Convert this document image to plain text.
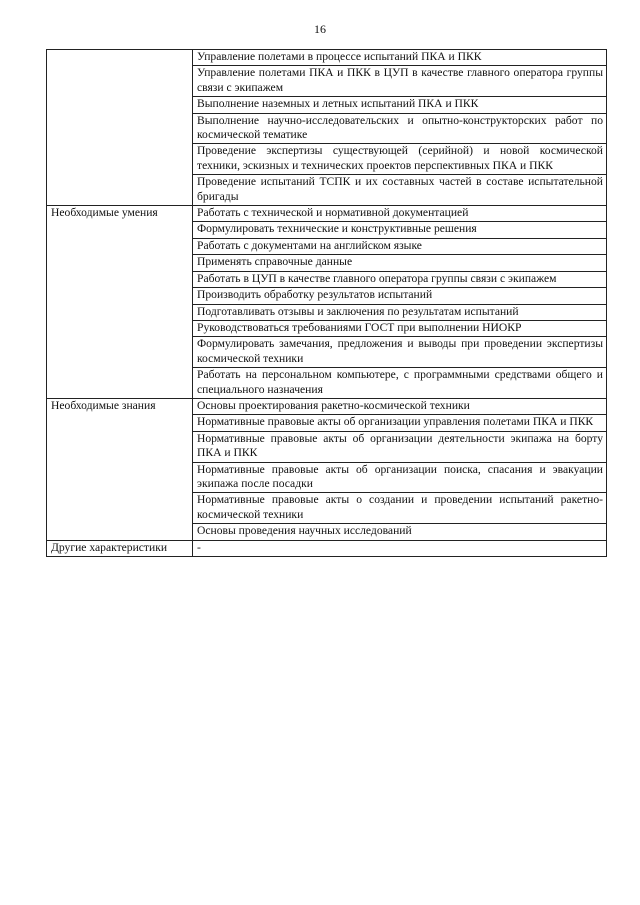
16
	Управление полетами в процессе испытаний ПКА и ПКК
	Управление полетами ПКА и ПКК в ЦУП в качестве главного оператора группы связи с экипажем
	Выполнение наземных и летных испытаний ПКА и ПКК
	Выполнение научно-исследовательских и опытно-конструкторских работ по космической тематике
	Проведение экспертизы существующей (серийной) и новой космической техники, эскизных и технических проектов перспективных ПКА и ПКК
	Проведение испытаний ТСПК и их составных частей в составе испытательной бригады

Необходимые умения	Работать с технической и нормативной документацией
	Формулировать технические и конструктивные решения
	Работать с документами на английском языке
	Применять справочные данные
	Работать в ЦУП в качестве главного оператора группы связи с экипажем
	Производить обработку результатов испытаний
	Подготавливать отзывы и заключения по результатам испытаний
	Руководствоваться требованиями ГОСТ при выполнении НИОКР
	Формулировать замечания, предложения и выводы при проведении экспертизы космической техники
	Работать на персональном компьютере, с программными средствами общего и специального назначения

Необходимые знания	Основы проектирования ракетно-космической техники
	Нормативные правовые акты об организации управления полетами ПКА и ПКК
	Нормативные правовые акты об организации деятельности экипажа на борту ПКА и ПКК
	Нормативные правовые акты об организации поиска, спасания и эвакуации экипажа после посадки
	Нормативные правовые акты о создании и проведении испытаний ракетно-космической техники
	Основы проведения научных исследований

Другие характеристики	-
